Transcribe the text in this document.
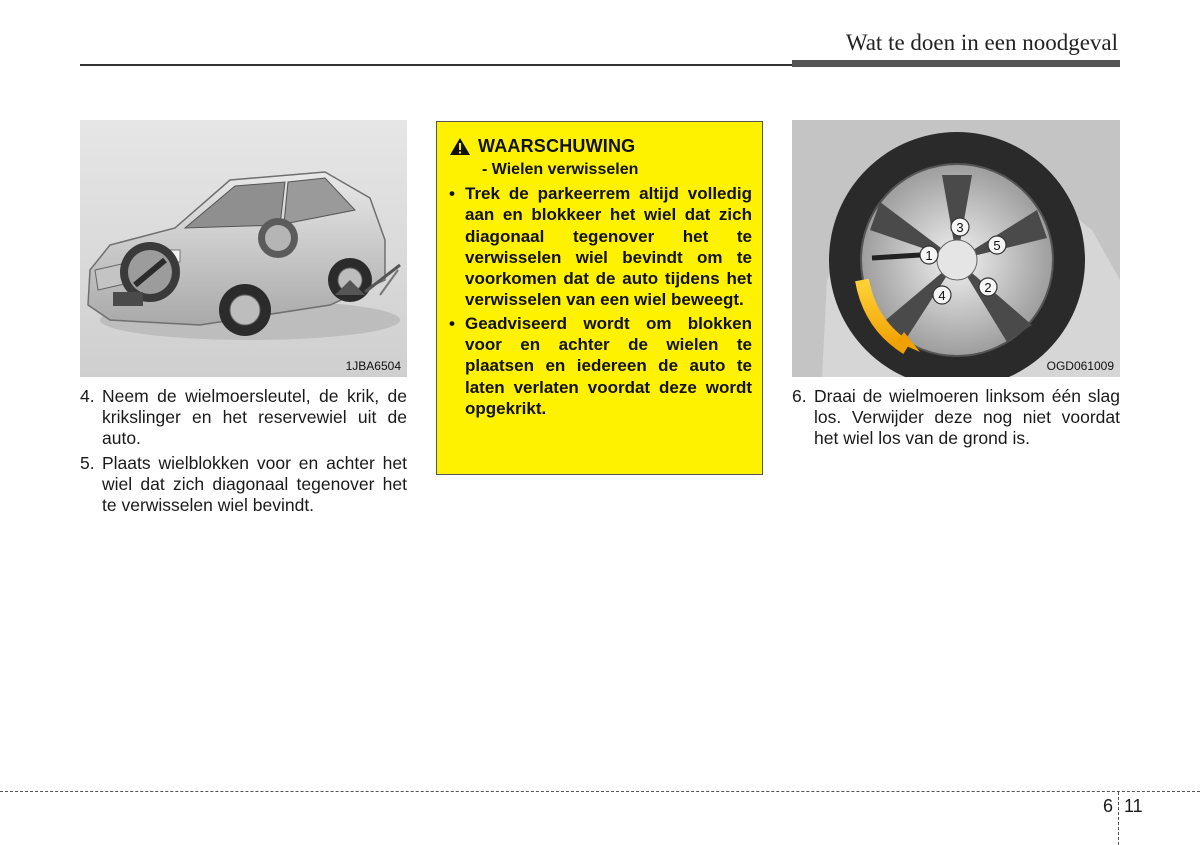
Wat te doen in een noodgeval
1JBA6504
4. Neem de wielmoersleutel, de krik, de krikslinger en het reservewiel uit de auto.
5. Plaats wielblokken voor en achter het wiel dat zich diagonaal tegenover het te verwisselen wiel bevindt.
WAARSCHUWING
- Wielen verwisselen
• Trek de parkeerrem altijd volledig aan en blokkeer het wiel dat zich diagonaal tegenover het te verwisselen wiel bevindt om te voorkomen dat de auto tijdens het verwisselen van een wiel beweegt.
• Geadviseerd wordt om blokken voor en achter de wielen te plaatsen en iedereen de auto te laten verlaten voordat deze wordt opgekrikt.
1
2
3
4
5
OGD061009
6. Draai de wielmoeren linksom één slag los. Verwijder deze nog niet voordat het wiel los van de grond is.
6 11
